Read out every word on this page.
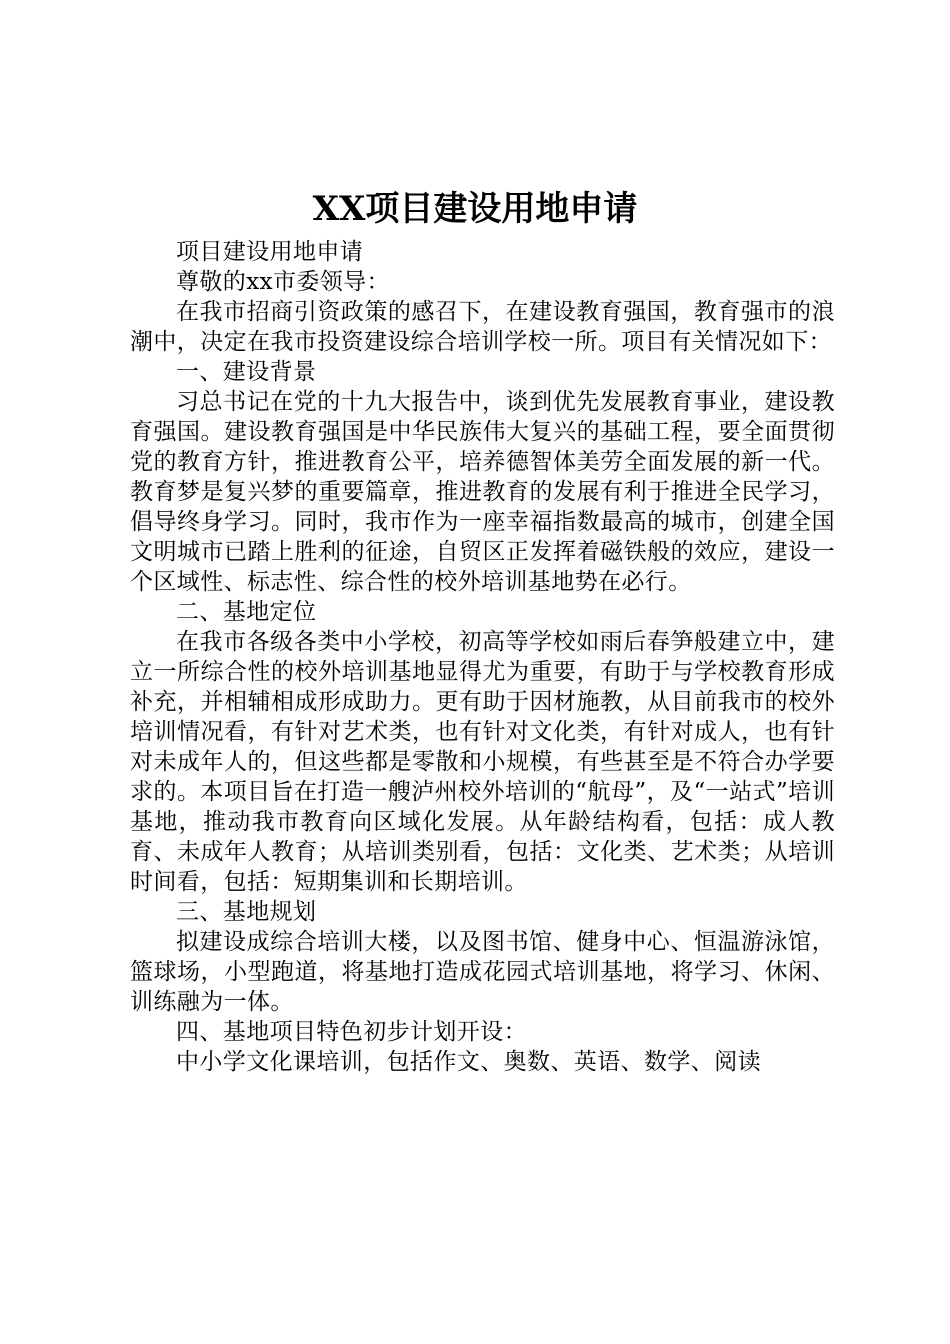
XX项目建设用地申请

项目建设用地申请

尊敬的xx市委领导：

在我市招商引资政策的感召下，在建设教育强国，教育强市的浪潮中，决定在我市投资建设综合培训学校一所。项目有关情况如下：

一、建设背景

习总书记在党的十九大报告中，谈到优先发展教育事业，建设教育强国。建设教育强国是中华民族伟大复兴的基础工程，要全面贯彻党的教育方针，推进教育公平，培养德智体美劳全面发展的新一代。教育梦是复兴梦的重要篇章，推进教育的发展有利于推进全民学习，倡导终身学习。同时，我市作为一座幸福指数最高的城市，创建全国文明城市已踏上胜利的征途，自贸区正发挥着磁铁般的效应，建设一个区域性、标志性、综合性的校外培训基地势在必行。

二、基地定位

在我市各级各类中小学校，初高等学校如雨后春笋般建立中，建立一所综合性的校外培训基地显得尤为重要，有助于与学校教育形成补充，并相辅相成形成助力。更有助于因材施教，从目前我市的校外培训情况看，有针对艺术类，也有针对文化类，有针对成人，也有针对未成年人的，但这些都是零散和小规模，有些甚至是不符合办学要求的。本项目旨在打造一艘泸州校外培训的“航母”，及“一站式”培训基地，推动我市教育向区域化发展。从年龄结构看，包括：成人教育、未成年人教育；从培训类别看，包括：文化类、艺术类；从培训时间看，包括：短期集训和长期培训。

三、基地规划

拟建设成综合培训大楼，以及图书馆、健身中心、恒温游泳馆，篮球场，小型跑道，将基地打造成花园式培训基地，将学习、休闲、训练融为一体。

四、基地项目特色初步计划开设：

中小学文化课培训，包括作文、奥数、英语、数学、阅读
